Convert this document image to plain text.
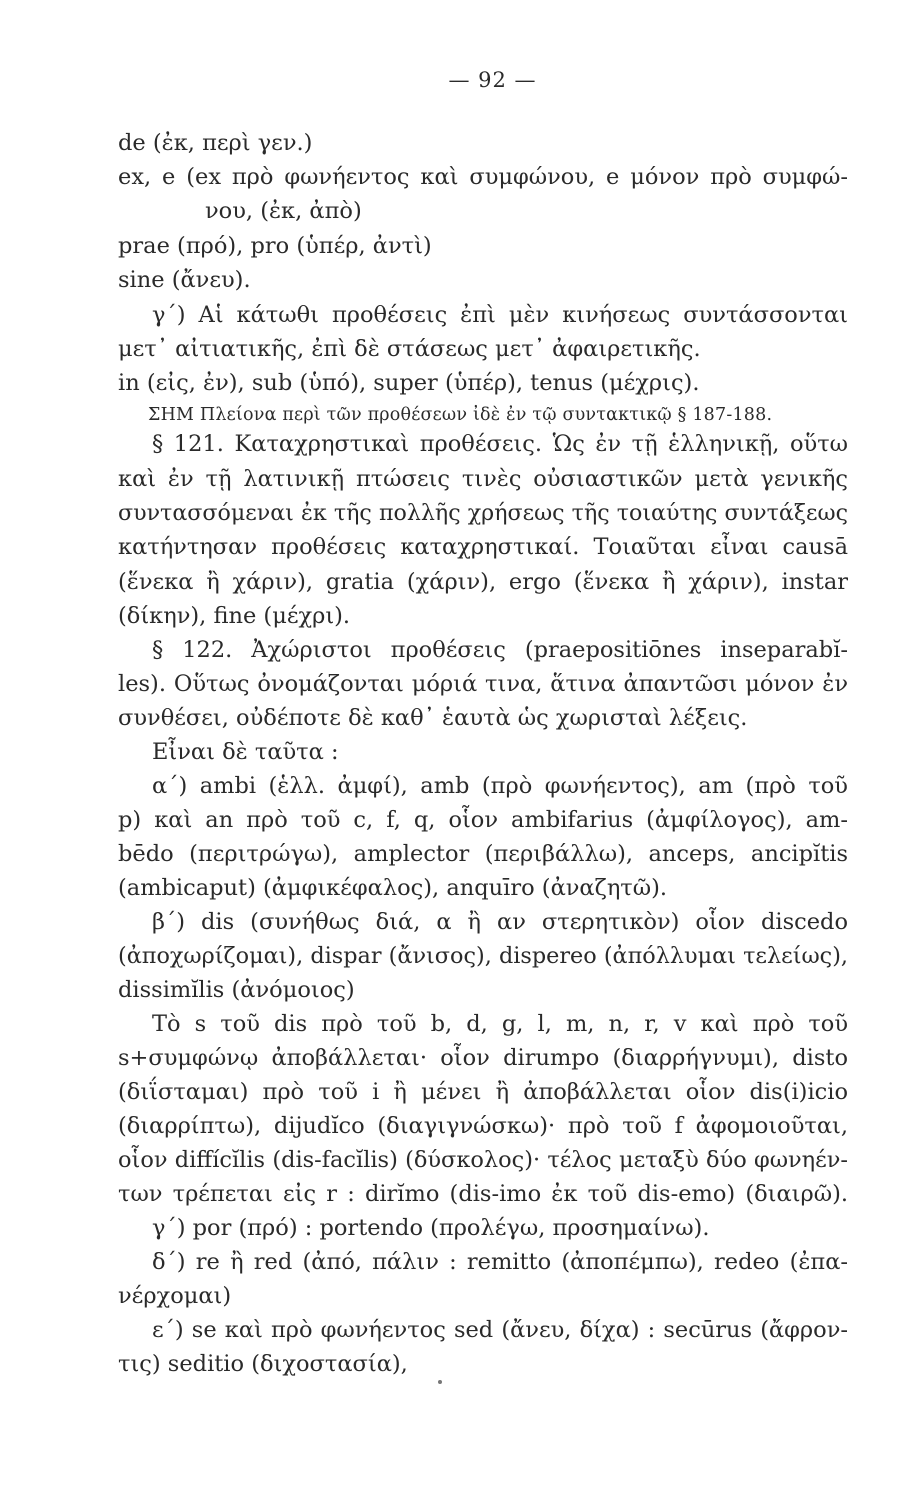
— 92 —
de (ἐκ, περὶ γεν.)
ex, e (ex πρὸ φωνήεντος καὶ συμφώνου, e μόνον πρὸ συμφώ-
νου, (ἐκ, ἀπὸ)
prae (πρό), pro (ὑπέρ, ἀντὶ)
sine (ἄνευ).
γ΄) Αἱ κάτωθι προθέσεις ἐπὶ μὲν κινήσεως συντάσσονται
μετ᾽ αἰτιατικῆς, ἐπὶ δὲ στάσεως μετ᾽ ἀφαιρετικῆς.
in (εἰς, ἐν), sub (ὑπό), super (ὑπέρ), tenus (μέχρις).
ΣΗΜ Πλείονα περὶ τῶν προθέσεων ἰδὲ ἐν τῷ συντακτικῷ § 187-188.
§ 121. Καταχρηστικαὶ προθέσεις. Ὡς ἐν τῇ ἑλληνικῇ, οὕτω
καὶ ἐν τῇ λατινικῇ πτώσεις τινὲς οὐσιαστικῶν μετὰ γενικῆς
συντασσόμεναι ἐκ τῆς πολλῆς χρήσεως τῆς τοιαύτης συντάξεως
κατήντησαν προθέσεις καταχρηστικαί. Τοιαῦται εἶναι causā
(ἕνεκα ἢ χάριν), gratia (χάριν), ergo (ἕνεκα ἢ χάριν), instar
(δίκην), fine (μέχρι).
§ 122. Ἀχώριστοι προθέσεις (praepositiōnes inseparabĭ-
les). Οὕτως ὀνομάζονται μόριά τινα, ἅτινα ἀπαντῶσι μόνον ἐν
συνθέσει, οὐδέποτε δὲ καθ᾽ ἑαυτὰ ὡς χωρισταὶ λέξεις.
Εἶναι δὲ ταῦτα :
α΄) ambi (ἑλλ. ἀμφί), amb (πρὸ φωνήεντος), am (πρὸ τοῦ
p) καὶ an πρὸ τοῦ c, f, q, οἷον ambifarius (ἀμφίλογος), am-
bēdo (περιτρώγω), amplector (περιβάλλω), anceps, ancipĭtis
(ambicaput) (ἀμφικέφαλος), anquīro (ἀναζητῶ).
β΄) dis (συνήθως διά, α ἢ αν στερητικὸν) οἷον discedo
(ἀποχωρίζομαι), dispar (ἄνισος), dispereo (ἀπόλλυμαι τελείως),
dissimĭlis (ἀνόμοιος)
Τὸ s τοῦ dis πρὸ τοῦ b, d, g, l, m, n, r, v καὶ πρὸ τοῦ
s+συμφώνῳ ἀποβάλλεται· οἷον dirumpo (διαρρήγνυμι), disto
(διΐσταμαι) πρὸ τοῦ i ἢ μένει ἢ ἀποβάλλεται οἷον dis(i)icio
(διαρρίπτω), dijudĭco (διαγιγνώσκω)· πρὸ τοῦ f ἀφομοιοῦται,
οἷον diffícĭlis (dis-facĭlis) (δύσκολος)· τέλος μεταξὺ δύο φωνηέν-
των τρέπεται εἰς r : dirĭmo (dis-imo ἐκ τοῦ dis-emo) (διαιρῶ).
γ΄) por (πρό) : portendo (προλέγω, προσημαίνω).
δ΄) re ἢ red (ἀπό, πάλιν : remitto (ἀποπέμπω), redeo (ἐπα-
νέρχομαι)
ε΄) se καὶ πρὸ φωνήεντος sed (ἄνευ, δίχα) : secūrus (ἄφρον-
τις) seditio (διχοστασία),
